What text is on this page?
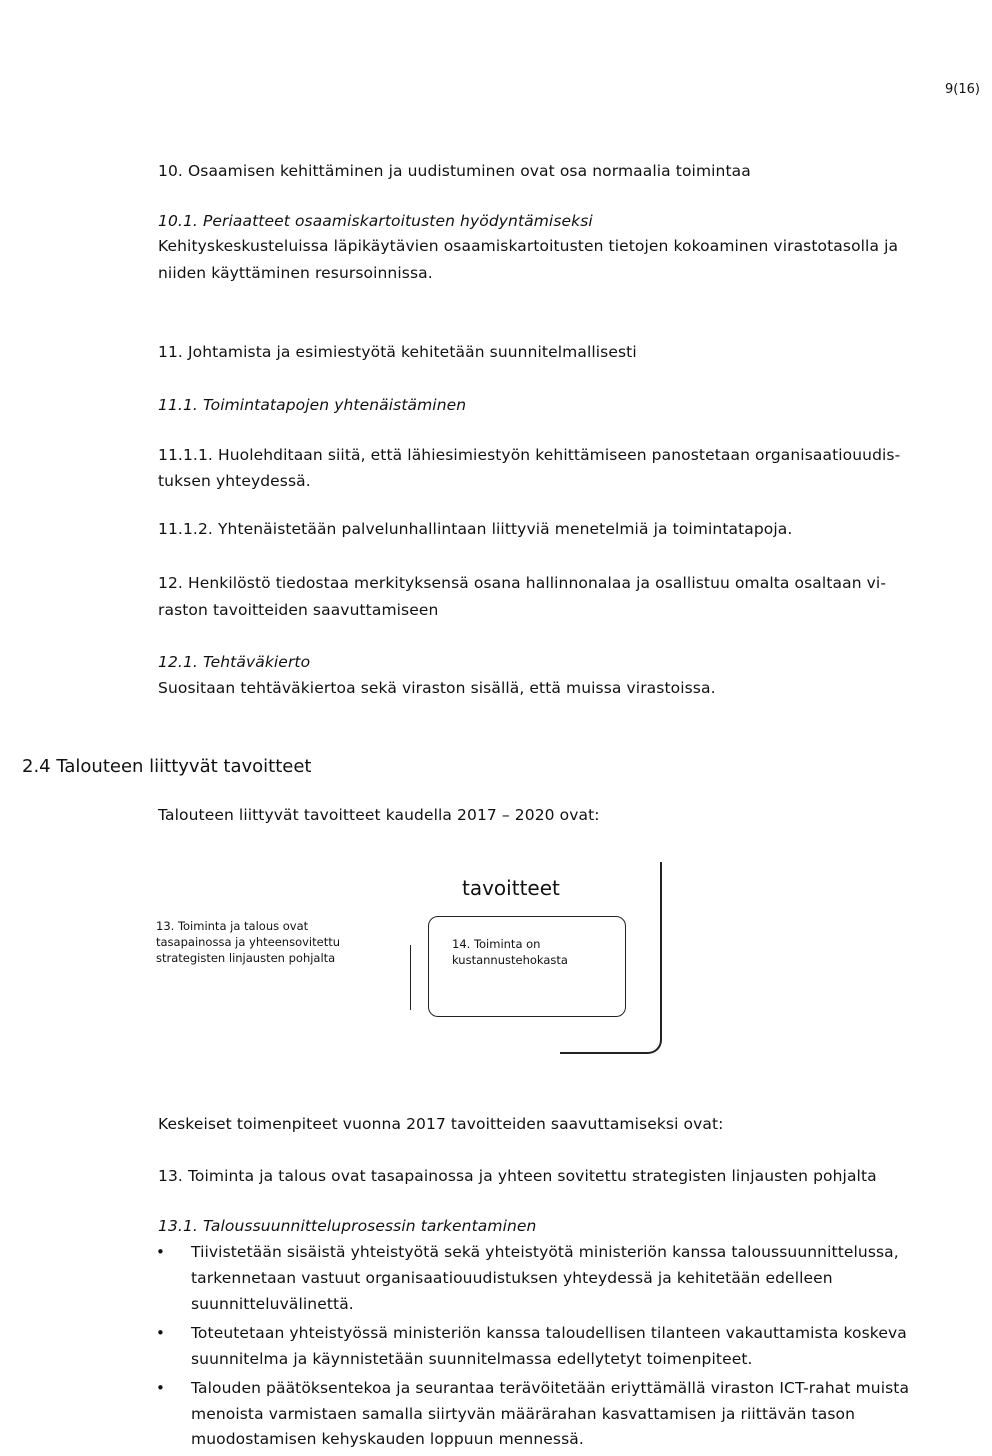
9(16)
10. Osaamisen kehittäminen ja uudistuminen ovat osa normaalia toimintaa
10.1. Periaatteet osaamiskartoitusten hyödyntämiseksi
Kehityskeskusteluissa läpikäytävien osaamiskartoitusten tietojen kokoaminen virastotasolla ja
niiden käyttäminen resursoinnissa.
11. Johtamista ja esimiestyötä kehitetään suunnitelmallisesti
11.1. Toimintatapojen yhtenäistäminen
11.1.1. Huolehditaan siitä, että lähiesimiestyön kehittämiseen panostetaan organisaatiouudis-
tuksen yhteydessä.
11.1.2. Yhtenäistetään palvelunhallintaan liittyviä menetelmiä ja toimintatapoja.
12. Henkilöstö tiedostaa merkityksensä osana hallinnonalaa ja osallistuu omalta osaltaan vi-
raston tavoitteiden saavuttamiseen
12.1. Tehtäväkierto
Suositaan tehtäväkiertoa sekä viraston sisällä, että muissa virastoissa.
2.4 Talouteen liittyvät tavoitteet
Talouteen liittyvät tavoitteet kaudella 2017 – 2020 ovat:
tavoitteet
13. Toiminta ja talous ovat tasapainossa ja yhteensovitettu strategisten linjausten pohjalta
14. Toiminta on kustannustehokasta
Keskeiset toimenpiteet vuonna 2017 tavoitteiden saavuttamiseksi ovat:
13. Toiminta ja talous ovat tasapainossa ja yhteen sovitettu strategisten linjausten pohjalta
13.1. Taloussuunnitteluprosessin tarkentaminen
• Tiivistetään sisäistä yhteistyötä sekä yhteistyötä ministeriön kanssa taloussuunnittelussa,
tarkennetaan vastuut organisaatiouudistuksen yhteydessä ja kehitetään edelleen
suunnitteluvälinettä.
• Toteutetaan yhteistyössä ministeriön kanssa taloudellisen tilanteen vakauttamista koskeva
suunnitelma ja käynnistetään suunnitelmassa edellytetyt toimenpiteet.
• Talouden päätöksentekoa ja seurantaa terävöitetään eriyttämällä viraston ICT-rahat muista
menoista varmistaen samalla siirtyvän määrärahan kasvattamisen ja riittävän tason
muodostamisen kehyskauden loppuun mennessä.
